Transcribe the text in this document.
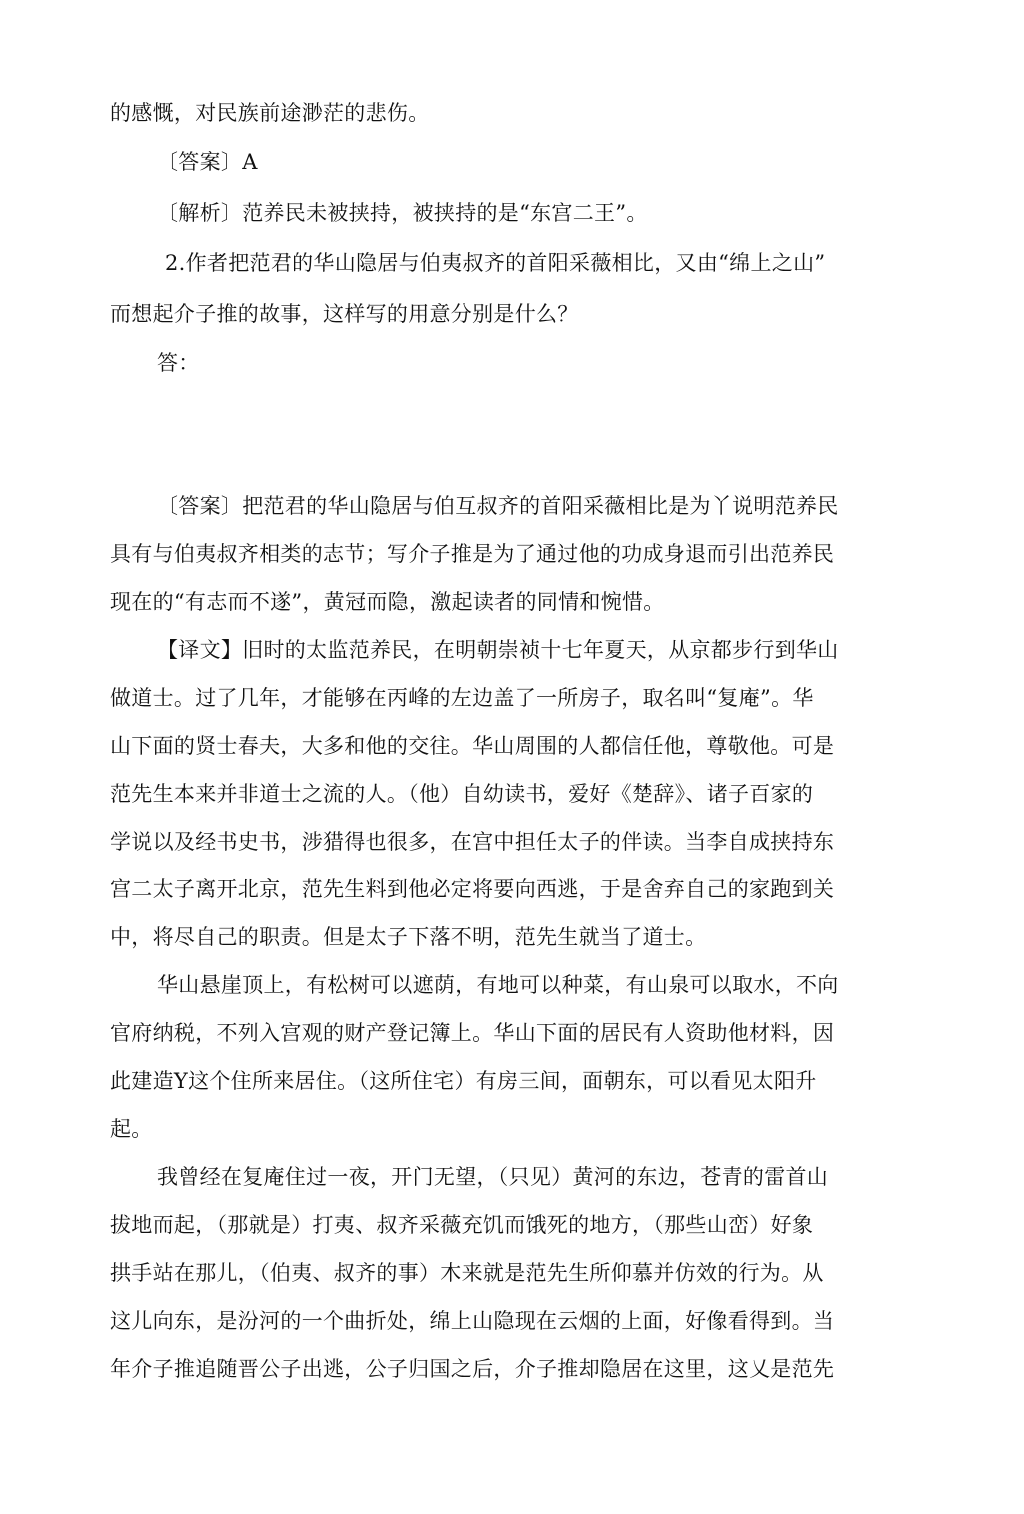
的感慨，对民族前途渺茫的悲伤。
〔答案〕A
〔解析〕范养民未被挟持，被挟持的是“东宫二王”。
2.作者把范君的华山隐居与伯夷叔齐的首阳采薇相比，又由“绵上之山”
而想起介子推的故事，这样写的用意分别是什么？
答：
〔答案〕把范君的华山隐居与伯互叔齐的首阳采薇相比是为丫说明范养民
具有与伯夷叔齐相类的志节；写介子推是为了通过他的功成身退而引出范养民
现在的“有志而不遂”，黄冠而隐，激起读者的同情和惋惜。
【译文】旧时的太监范养民，在明朝崇祯十七年夏天，从京都步行到华山
做道士。过了几年，才能够在丙峰的左边盖了一所房子，取名叫“复庵”。华
山下面的贤士春夫，大多和他的交往。华山周围的人都信任他，尊敬他。可是
范先生本来并非道士之流的人。（他）自幼读书，爱好《楚辞》、诸子百家的
学说以及经书史书，涉猎得也很多，在宫中担任太子的伴读。当李自成挟持东
宫二太子离开北京，范先生料到他必定将要向西逃，于是舍弃自己的家跑到关
中，将尽自己的职责。但是太子下落不明，范先生就当了道士。
华山悬崖顶上，有松树可以遮荫，有地可以种菜，有山泉可以取水，不向
官府纳税，不列入宫观的财产登记簿上。华山下面的居民有人资助他材料，因
此建造Y这个住所来居住。（这所住宅）有房三间，面朝东，可以看见太阳升
起。
我曾经在复庵住过一夜，开门无望，（只见）黄河的东边，苍青的雷首山
拔地而起，（那就是）打夷、叔齐采薇充饥而饿死的地方，（那些山峦）好象
拱手站在那儿，（伯夷、叔齐的事）木来就是范先生所仰慕并仿效的行为。从
这儿向东，是汾河的一个曲折处，绵上山隐现在云烟的上面，好像看得到。当
年介子推追随晋公子出逃，公子归国之后，介子推却隐居在这里，这乂是范先
